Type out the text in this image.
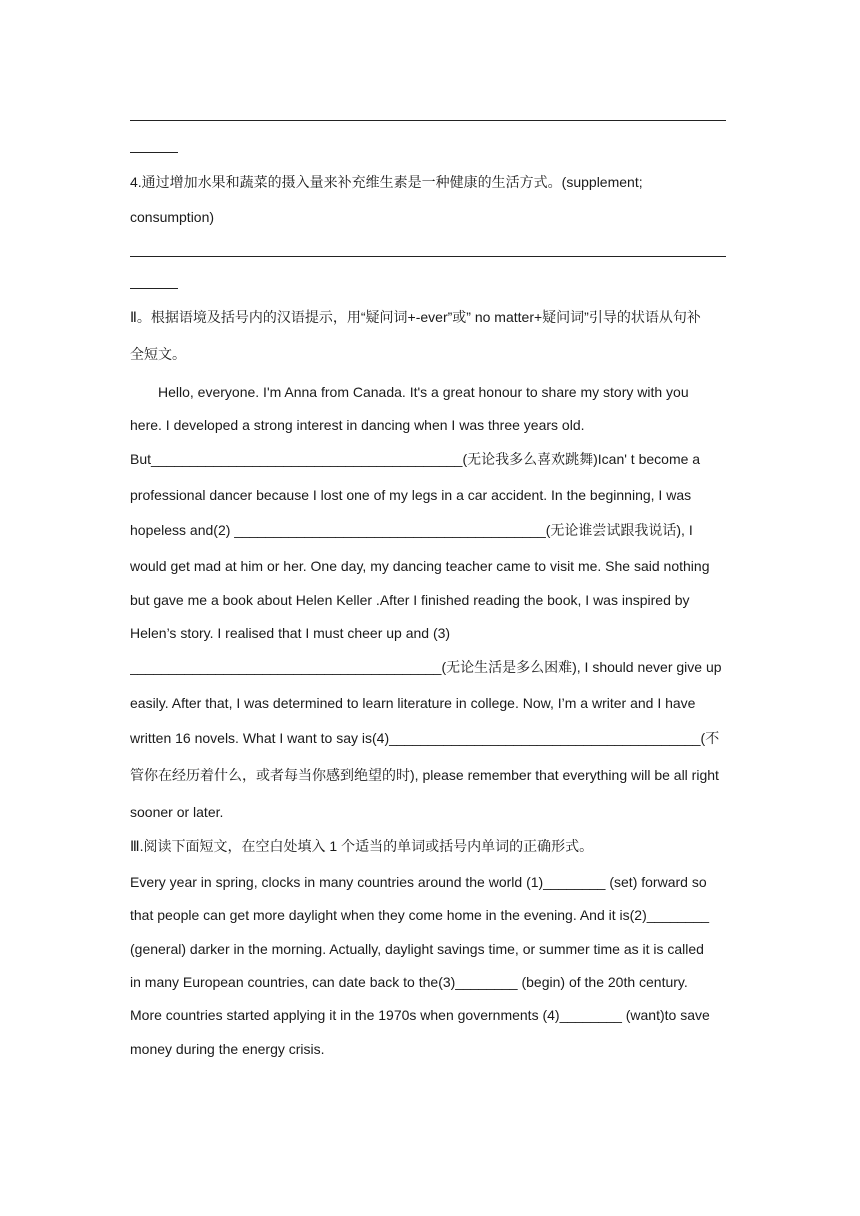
4.通过增加水果和蔬菜的摄入量来补充维生素是一种健康的生活方式。(supplement;
consumption)
Ⅱ。根据语境及括号内的汉语提示，用“疑问词+-ever”或” no matter+疑问词”引导的状语从句补
全短文。
Hello, everyone. I'm Anna from Canada. It's a great honour to share my story with you
here. I developed a strong interest in dancing when I was three years old.
But________________________________________(无论我多么喜欢跳舞)Ican' t become a
professional dancer because I lost one of my legs in a car accident. In the beginning, I was
hopeless and(2) ________________________________________(无论谁尝试跟我说话), I
would get mad at him or her. One day, my dancing teacher came to visit me. She said nothing
but gave me a book about Helen Keller .After I finished reading the book, I was inspired by
Helen’s story. I realised that I must cheer up and (3)
________________________________________(无论生活是多么困难), I should never give up
easily. After that, I was determined to learn literature in college. Now, I’m a writer and I have
written 16 novels. What I want to say is(4)________________________________________(不
管你在经历着什么，或者每当你感到绝望的时), please remember that everything will be all right
sooner or later.
Ⅲ.阅读下面短文，在空白处填入 1 个适当的单词或括号内单词的正确形式。
Every year in spring, clocks in many countries around the world (1)________ (set) forward so
that people can get more daylight when they come home in the evening. And it is(2)________
(general) darker in the morning. Actually, daylight savings time, or summer time as it is called
in many European countries, can date back to the(3)________ (begin) of the 20th century.
More countries started applying it in the 1970s when governments (4)________ (want)to save
money during the energy crisis.
